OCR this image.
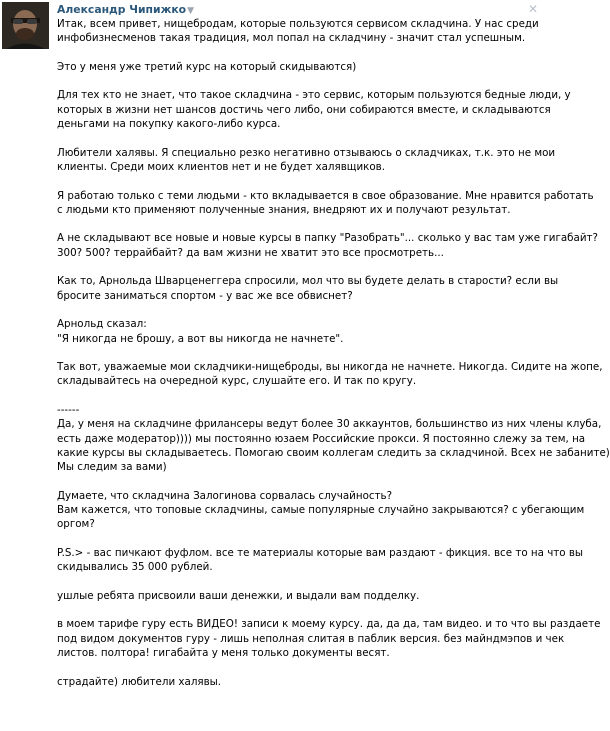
Александр Чипижко▼	✕
Итак, всем привет, нищебродам, которые пользуются сервисом складчина. У нас среди
инфобизнесменов такая традиция, мол попал на складчину - значит стал успешным.
Это у меня уже третий курс на который скидываются)
Для тех кто не знает, что такое складчина - это сервис, которым пользуются бедные люди, у
которых в жизни нет шансов достичь чего либо, они собираются вместе, и складываются
деньгами на покупку какого-либо курса.
Любители халявы. Я специально резко негативно отзываюсь о складчиках, т.к. это не мои
клиенты. Среди моих клиентов нет и не будет халявщиков.
Я работаю только с теми людьми - кто вкладывается в свое образование. Мне нравится работать
с людьми кто применяют полученные знания, внедряют их и получают результат.
А не складывают все новые и новые курсы в папку "Разобрать"... сколько у вас там уже гигабайт?
300? 500? террайбайт? да вам жизни не хватит это все просмотреть...
Как то, Арнольда Шварценеггера спросили, мол что вы будете делать в старости? если вы
бросите заниматься спортом - у вас же все обвиснет?
Арнольд сказал:
"Я никогда не брошу, а вот вы никогда не начнете".
Так вот, уважаемые мои складчики-нищеброды, вы никогда не начнете. Никогда. Сидите на жопе,
складывайтесь на очередной курс, слушайте его. И так по кругу.
------
Да, у меня на складчине фрилансеры ведут более 30 аккаунтов, большинство из них члены клуба,
есть даже модератор)))) мы постоянно юзаем Российские прокси. Я постоянно слежу за тем, на
какие курсы вы складываетесь. Помогаю своим коллегам следить за складчиной. Всех не забаните)
Мы следим за вами)
Думаете, что складчина Залогинова сорвалась случайность?
Вам кажется, что топовые складчины, самые популярные случайно закрываются? с убегающим
оргом?
P.S.> - вас пичкают фуфлом. все те материалы которые вам раздают - фикция. все то на что вы
скидывались 35 000 рублей.
ушлые ребята присвоили ваши денежки, и выдали вам подделку.
в моем тарифе гуру есть ВИДЕО! записи к моему курсу. да, да да, там видео. и то что вы раздаете
под видом документов гуру - лишь неполная слитая в паблик версия. без майндмэпов и чек
листов. полтора! гигабайта у меня только документы весят.
страдайте) любители халявы.
